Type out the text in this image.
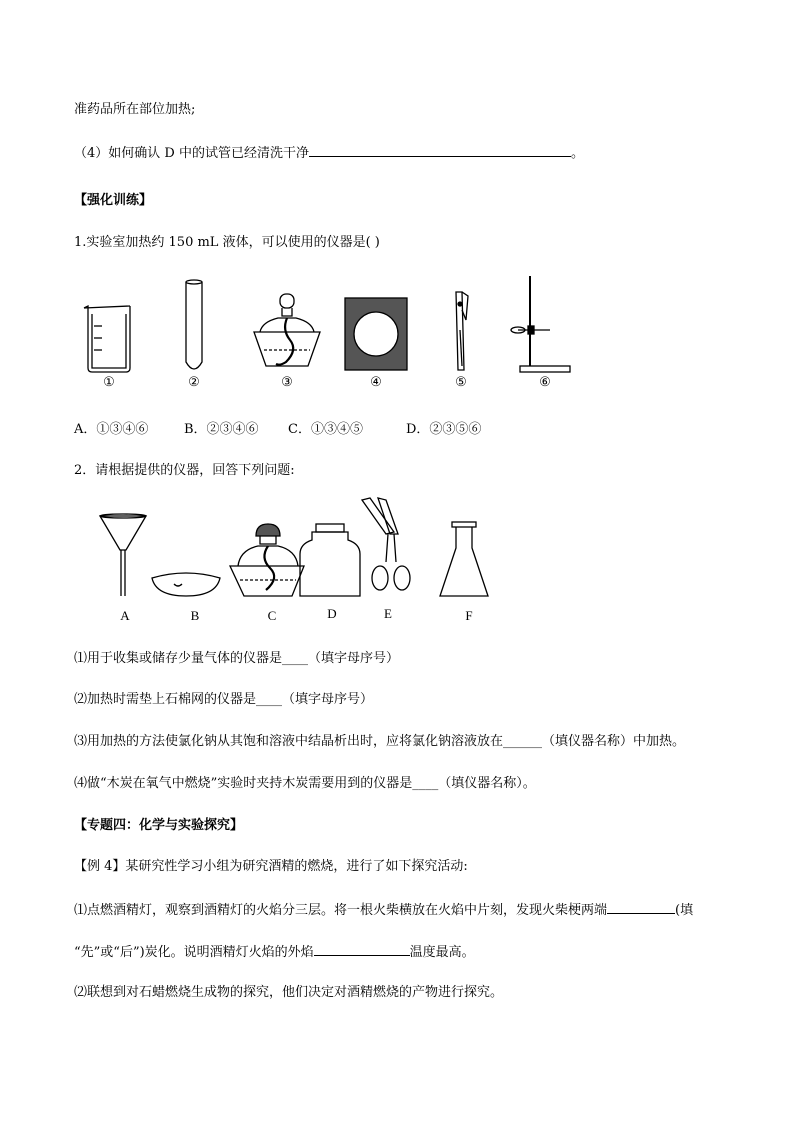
准药品所在部位加热;
（4）如何确认 D 中的试管已经清洗干净	。
【强化训练】
1.实验室加热约 150 mL 液体，可以使用的仪器是( )
①	②	③	④	⑤	⑥
A．①③④⑥	B．②③④⑥ C．①③④⑤	D．②③⑤⑥
2．请根据提供的仪器，回答下列问题:
A	B	C	D	E	F
⑴用于收集或储存少量气体的仪器是____（填字母序号）
⑵加热时需垫上石棉网的仪器是____（填字母序号）
⑶用加热的方法使氯化钠从其饱和溶液中结晶析出时，应将氯化钠溶液放在______（填仪器名称）中加热。
⑷做“木炭在氧气中燃烧”实验时夹持木炭需要用到的仪器是____（填仪器名称）。
【专题四：化学与实验探究】
【例 4】某研究性学习小组为研究酒精的燃烧，进行了如下探究活动:
⑴点燃酒精灯，观察到酒精灯的火焰分三层。将一根火柴横放在火焰中片刻，发现火柴梗两端	(填
“先”或“后”)炭化。说明酒精灯火焰的外焰	温度最高。
⑵联想到对石蜡燃烧生成物的探究，他们决定对酒精燃烧的产物进行探究。
